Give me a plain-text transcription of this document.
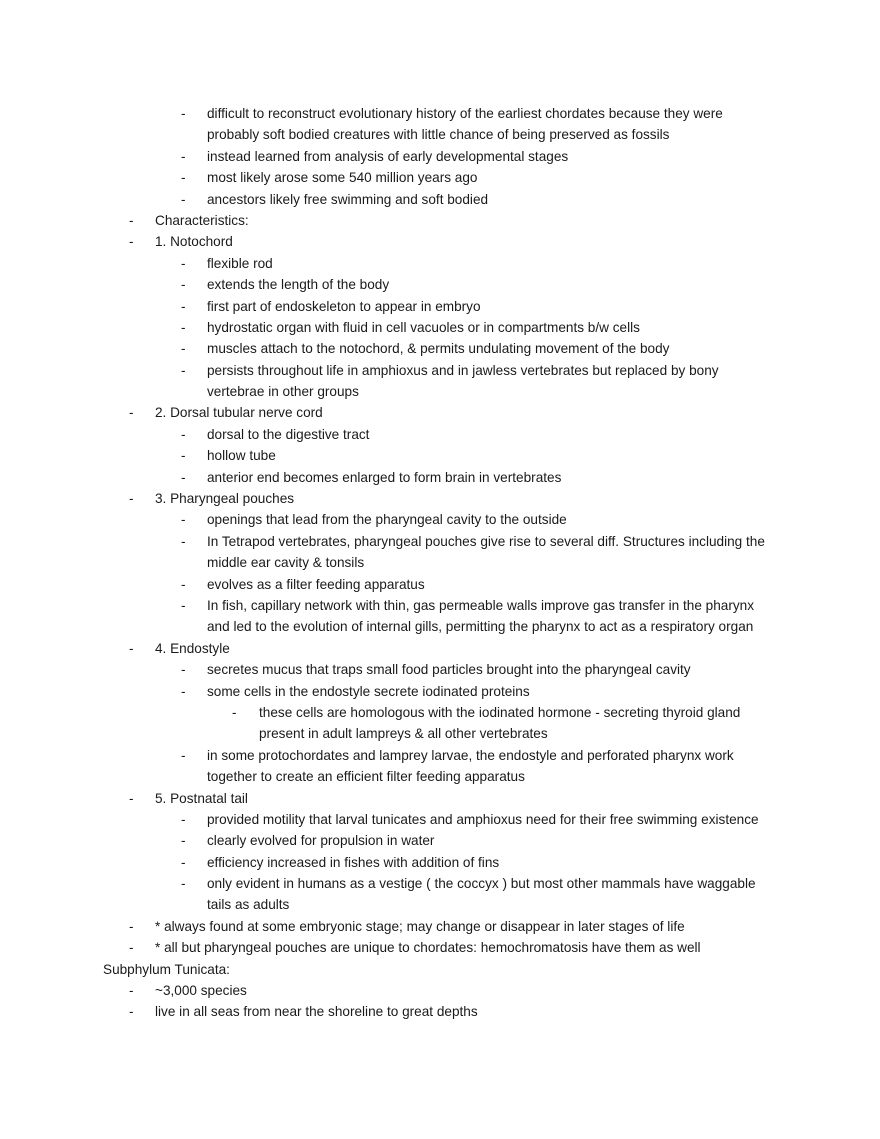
- difficult to reconstruct evolutionary history of the earliest chordates because they were
probably soft bodied creatures with little chance of being preserved as fossils
- instead learned from analysis of early developmental stages
- most likely arose some 540 million years ago
- ancestors likely free swimming and soft bodied
- Characteristics:
- 1. Notochord
- flexible rod
- extends the length of the body
- first part of endoskeleton to appear in embryo
- hydrostatic organ with fluid in cell vacuoles or in compartments b/w cells
- muscles attach to the notochord, & permits undulating movement of the body
- persists throughout life in amphioxus and in jawless vertebrates but replaced by bony
vertebrae in other groups
- 2. Dorsal tubular nerve cord
- dorsal to the digestive tract
- hollow tube
- anterior end becomes enlarged to form brain in vertebrates
- 3. Pharyngeal pouches
- openings that lead from the pharyngeal cavity to the outside
- In Tetrapod vertebrates, pharyngeal pouches give rise to several diff. Structures including the
middle ear cavity & tonsils
- evolves as a filter feeding apparatus
- In fish, capillary network with thin, gas permeable walls improve gas transfer in the pharynx
and led to the evolution of internal gills, permitting the pharynx to act as a respiratory organ
- 4. Endostyle
- secretes mucus that traps small food particles brought into the pharyngeal cavity
- some cells in the endostyle secrete iodinated proteins
- these cells are homologous with the iodinated hormone - secreting thyroid gland
present in adult lampreys & all other vertebrates
- in some protochordates and lamprey larvae, the endostyle and perforated pharynx work
together to create an efficient filter feeding apparatus
- 5. Postnatal tail
- provided motility that larval tunicates and amphioxus need for their free swimming existence
- clearly evolved for propulsion in water
- efficiency increased in fishes with addition of fins
- only evident in humans as a vestige ( the coccyx ) but most other mammals have waggable
tails as adults
- * always found at some embryonic stage; may change or disappear in later stages of life
- * all but pharyngeal pouches are unique to chordates: hemochromatosis have them as well
Subphylum Tunicata:
- ~3,000 species
- live in all seas from near the shoreline to great depths
